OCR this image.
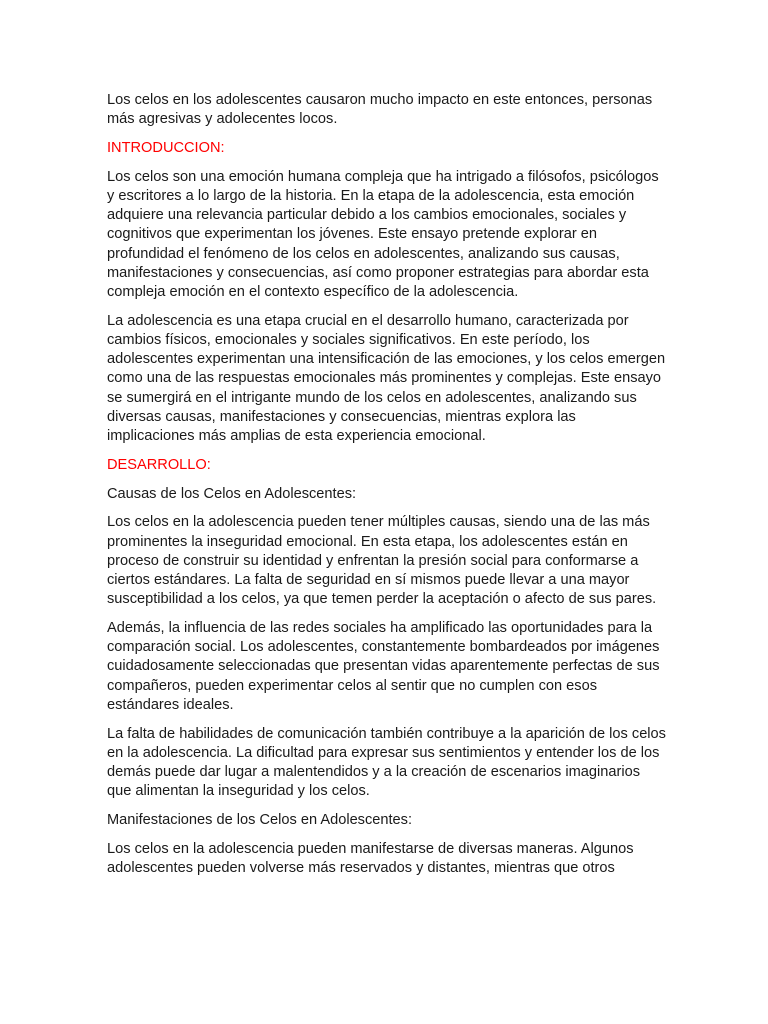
Los celos en los adolescentes causaron mucho impacto en este entonces, personas más agresivas y adolecentes locos.

INTRODUCCION:

Los celos son una emoción humana compleja que ha intrigado a filósofos, psicólogos y escritores a lo largo de la historia. En la etapa de la adolescencia, esta emoción adquiere una relevancia particular debido a los cambios emocionales, sociales y cognitivos que experimentan los jóvenes. Este ensayo pretende explorar en profundidad el fenómeno de los celos en adolescentes, analizando sus causas, manifestaciones y consecuencias, así como proponer estrategias para abordar esta compleja emoción en el contexto específico de la adolescencia.

La adolescencia es una etapa crucial en el desarrollo humano, caracterizada por cambios físicos, emocionales y sociales significativos. En este período, los adolescentes experimentan una intensificación de las emociones, y los celos emergen como una de las respuestas emocionales más prominentes y complejas. Este ensayo se sumergirá en el intrigante mundo de los celos en adolescentes, analizando sus diversas causas, manifestaciones y consecuencias, mientras explora las implicaciones más amplias de esta experiencia emocional.

DESARROLLO:

Causas de los Celos en Adolescentes:

Los celos en la adolescencia pueden tener múltiples causas, siendo una de las más prominentes la inseguridad emocional. En esta etapa, los adolescentes están en proceso de construir su identidad y enfrentan la presión social para conformarse a ciertos estándares. La falta de seguridad en sí mismos puede llevar a una mayor susceptibilidad a los celos, ya que temen perder la aceptación o afecto de sus pares.

Además, la influencia de las redes sociales ha amplificado las oportunidades para la comparación social. Los adolescentes, constantemente bombardeados por imágenes cuidadosamente seleccionadas que presentan vidas aparentemente perfectas de sus compañeros, pueden experimentar celos al sentir que no cumplen con esos estándares ideales.

La falta de habilidades de comunicación también contribuye a la aparición de los celos en la adolescencia. La dificultad para expresar sus sentimientos y entender los de los demás puede dar lugar a malentendidos y a la creación de escenarios imaginarios que alimentan la inseguridad y los celos.

Manifestaciones de los Celos en Adolescentes:

Los celos en la adolescencia pueden manifestarse de diversas maneras. Algunos adolescentes pueden volverse más reservados y distantes, mientras que otros
